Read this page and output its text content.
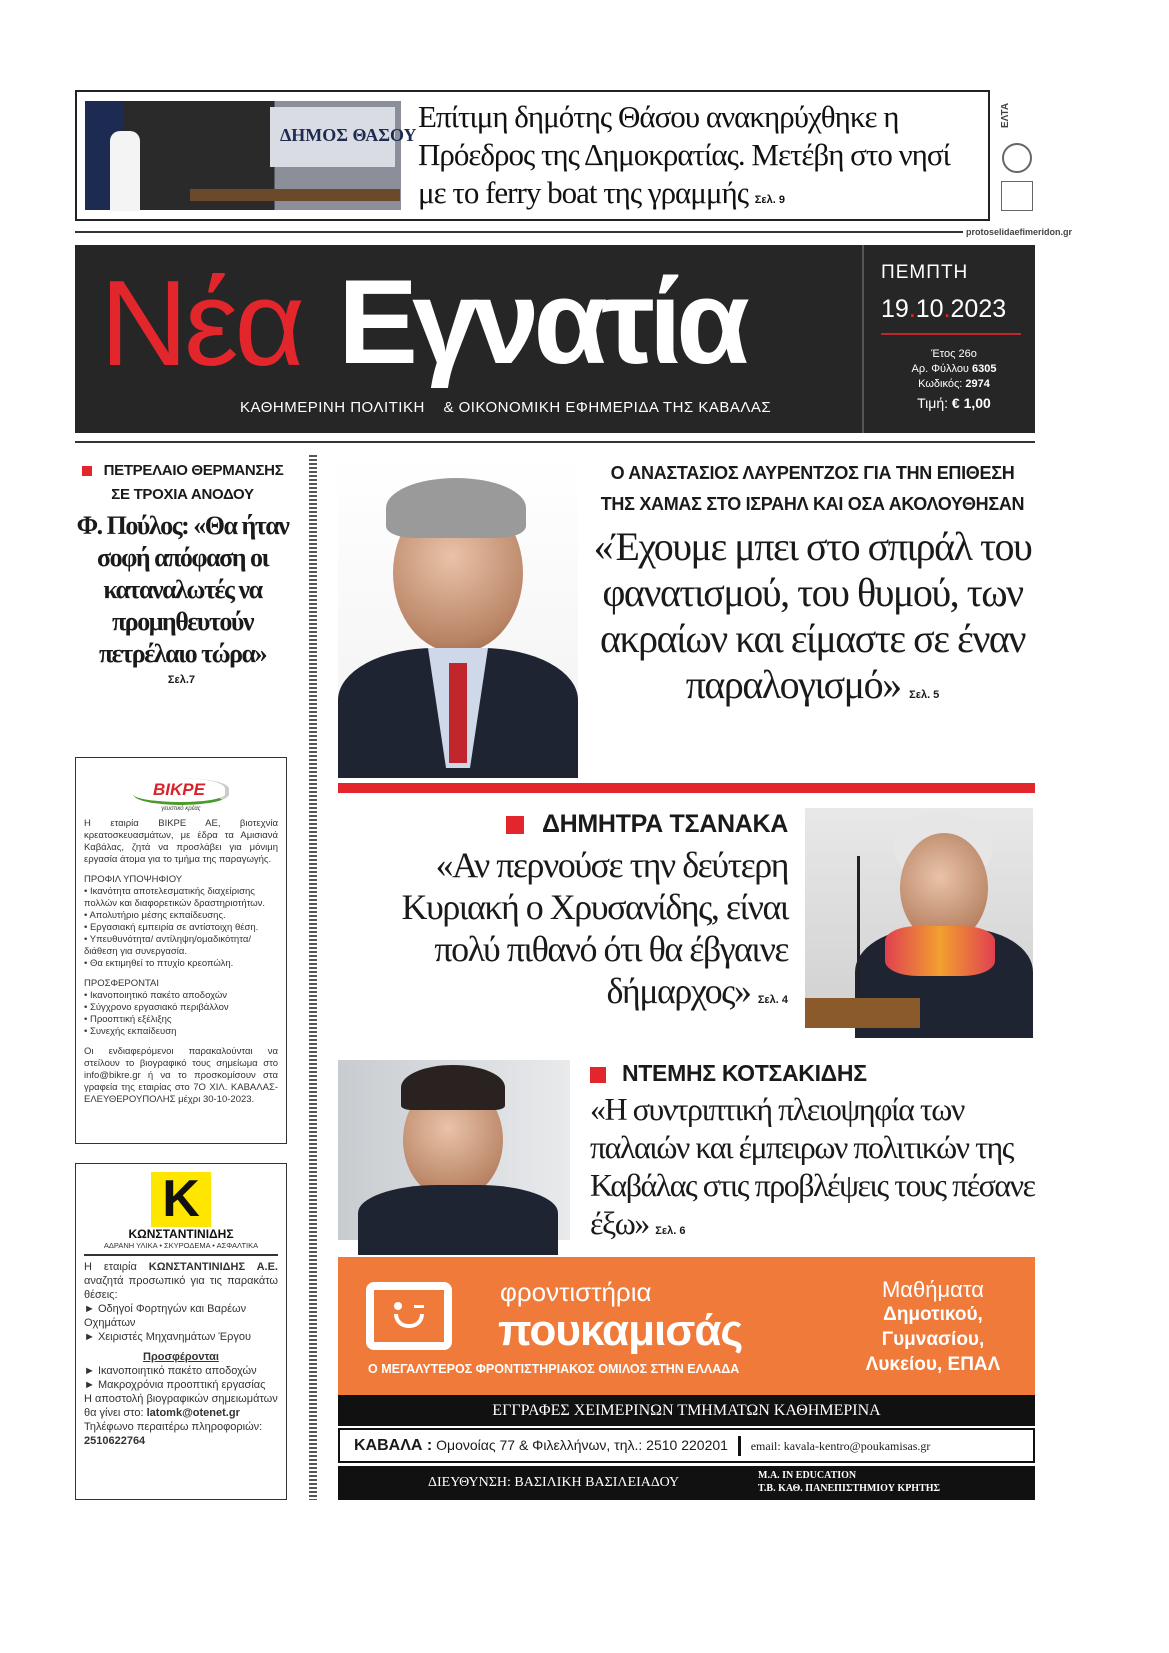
ΔΗΜΟΣ ΘΑΣΟΥ
Επίτιμη δημότης Θάσου ανακηρύχθηκε η Πρόεδρος της Δημοκρατίας. Μετέβη στο νησί με το ferry boat της γραμμής Σελ. 9
ΕΛΤΑ
protoselidaefimeridon.gr
Νέα Εγνατία
ΚΑΘΗΜΕΡΙΝΗ ΠΟΛΙΤΙΚΗ & ΟΙΚΟΝΟΜΙΚΗ ΕΦΗΜΕΡΙΔΑ ΤΗΣ ΚΑΒΑΛΑΣ
ΠΕΜΠΤΗ
19.10.2023
Έτος 26ο
Αρ. Φύλλου 6305
Κωδικός: 2974
Τιμή: € 1,00
ΠΕΤΡΕΛΑΙΟ ΘΕΡΜΑΝΣΗΣ
ΣΕ ΤΡΟΧΙΑ ΑΝΟΔΟΥ
Φ. Πούλος: «Θα ήταν σοφή απόφαση οι καταναλωτές να προμηθευτούν πετρέλαιο τώρα»
Σελ.7
BIKPE
γευστικό κρέας

Η εταιρία ΒΙΚΡΕ ΑΕ, βιοτεχνία κρεατοσκευασμάτων, με έδρα τα Αμισιανά Καβάλας, ζητά να προσλάβει για μόνιμη εργασία άτομα για το τμήμα της παραγωγής.

ΠΡΟΦΙΛ ΥΠΟΨΗΦΙΟΥ

• Ικανότητα αποτελεσματικής διαχείρισης πολλών και διαφορετικών δραστηριοτήτων.
• Απολυτήριο μέσης εκπαίδευσης.
• Εργασιακή εμπειρία σε αντίστοιχη θέση.
• Υπευθυνότητα/ αντίληψη/ομαδικότητα/ διάθεση για συνεργασία.
• Θα εκτιμηθεί το πτυχίο κρεοπώλη.

ΠΡΟΣΦΕΡΟΝΤΑΙ

• Ικανοποιητικό πακέτο αποδοχών
• Σύγχρονο εργασιακό περιβάλλον
• Προοπτική εξέλιξης
• Συνεχής εκπαίδευση

Οι ενδιαφερόμενοι παρακαλούνται να στείλουν το βιογραφικό τους σημείωμα στο info@bikre.gr ή να το προσκομίσουν στα γραφεία της εταιρίας στο 7Ο ΧΙΛ. ΚΑΒΑΛΑΣ-ΕΛΕΥΘΕΡΟΥΠΟΛΗΣ μέχρι 30-10-2023.

K
ΚΩΝΣΤΑΝΤΙΝΙΔΗΣ
ΑΔΡΑΝΗ ΥΛΙΚΑ • ΣΚΥΡΟΔΕΜΑ • ΑΣΦΑΛΤΙΚΑ

Η εταιρία ΚΩΝΣΤΑΝΤΙΝΙΔΗΣ Α.Ε. αναζητά προσωπικό για τις παρακάτω θέσεις:

► Οδηγοί Φορτηγών και Βαρέων Οχημάτων
► Χειριστές Μηχανημάτων Έργου
Προσφέρονται
► Ικανοποιητικό πακέτο αποδοχών
► Μακροχρόνια προοπτική εργασίας
Η αποστολή βιογραφικών σημειωμάτων θα γίνει στο: latomk@otenet.gr
Τηλέφωνο περαιτέρω πληροφοριών:
2510622764
Ο ΑΝΑΣΤΑΣΙΟΣ ΛΑΥΡΕΝΤΖΟΣ ΓΙΑ ΤΗΝ ΕΠΙΘΕΣΗ
ΤΗΣ ΧΑΜΑΣ ΣΤΟ ΙΣΡΑΗΛ ΚΑΙ ΟΣΑ ΑΚΟΛΟΥΘΗΣΑΝ
«Έχουμε μπει στο σπιράλ του φανατισμού, του θυμού, των ακραίων και είμαστε σε έναν παραλογισμό» Σελ. 5
ΔΗΜΗΤΡΑ ΤΣΑΝΑΚΑ
«Αν περνούσε την δεύτερη Κυριακή ο Χρυσανίδης, είναι πολύ πιθανό ότι θα έβγαινε δήμαρχος» Σελ. 4
ΝΤΕΜΗΣ ΚΟΤΣΑΚΙΔΗΣ
«Η συντριπτική πλειοψηφία των παλαιών και έμπειρων πολιτικών της Καβάλας στις προβλέψεις τους πέσανε έξω» Σελ. 6
φροντιστήρια
πουκαμισάς
Ο ΜΕΓΑΛΥΤΕΡΟΣ ΦΡΟΝΤΙΣΤΗΡΙΑΚΟΣ ΟΜΙΛΟΣ ΣΤΗΝ ΕΛΛΑΔΑ
Μαθήματα
Δημοτικού,
Γυμνασίου,
Λυκείου, ΕΠΑΛ
ΕΓΓΡΑΦΕΣ ΧΕΙΜΕΡΙΝΩΝ ΤΜΗΜΑΤΩΝ ΚΑΘΗΜΕΡΙΝΑ
ΚΑΒΑΛΑ : Ομονοίας 77 & Φιλελλήνων, τηλ.: 2510 220201 email: kavala-kentro@poukamisas.gr
ΔΙΕΥΘΥΝΣΗ: ΒΑΣΙΛΙΚΗ ΒΑΣΙΛΕΙΑΔΟΥ	M.A. IN EDUCATION
Τ.Β. ΚΑΘ. ΠΑΝΕΠΙΣΤΗΜΙΟΥ ΚΡΗΤΗΣ
